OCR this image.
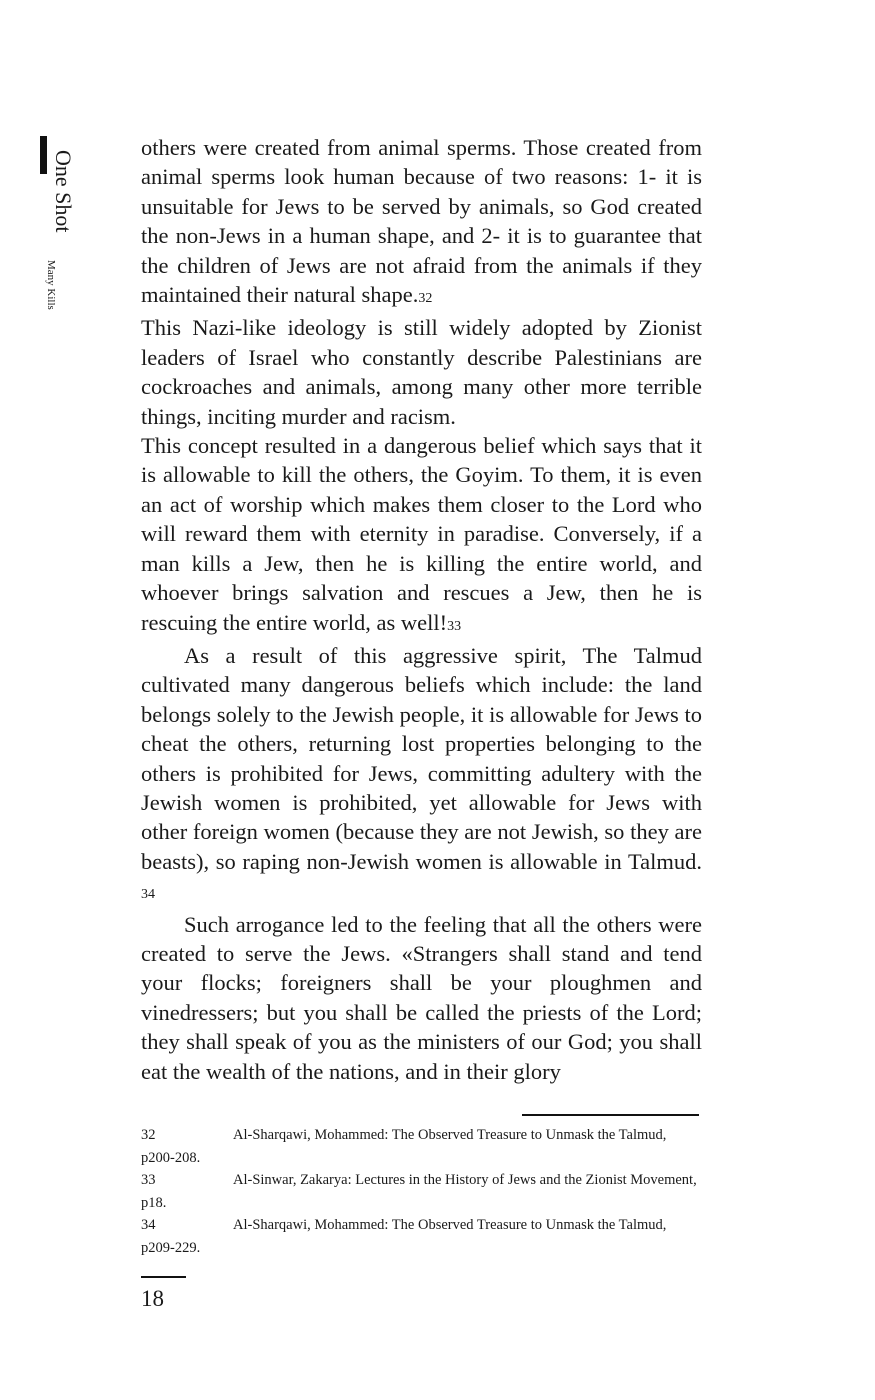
One Shot
Many Kills

others were created from animal sperms. Those created from animal sperms look human because of two reasons: 1- it is unsuitable for Jews to be served by animals, so God created the non-Jews in a human shape, and 2- it is to guarantee that the children of Jews are not afraid from the animals if they maintained their natural shape.32

This Nazi-like ideology is still widely adopted by Zionist leaders of Israel who constantly describe Palestinians are cockroaches and animals, among many other more terrible things, inciting murder and racism.

This concept resulted in a dangerous belief which says that it is allowable to kill the others, the Goyim. To them, it is even an act of worship which makes them closer to the Lord who will reward them with eternity in paradise. Conversely, if a man kills a Jew, then he is killing the entire world, and whoever brings salvation and rescues a Jew, then he is rescuing the entire world, as well!33

As a result of this aggressive spirit, The Talmud cultivated many dangerous beliefs which include: the land belongs solely to the Jewish people, it is allowable for Jews to cheat the others, returning lost properties belonging to the others is prohibited for Jews, committing adultery with the Jewish women is prohibited, yet allowable for Jews with other foreign women (because they are not Jewish, so they are beasts), so raping non-Jewish women is allowable in Talmud. 34

Such arrogance led to the feeling that all the others were created to serve the Jews. «Strangers shall stand and tend your flocks; foreigners shall be your ploughmen and vinedressers; but you shall be called the priests of the Lord; they shall speak of you as the ministers of our God; you shall eat the wealth of the nations, and in their glory

32	Al-Sharqawi, Mohammed: The Observed Treasure to Unmask the Talmud, p200-208.
33	Al-Sinwar, Zakarya: Lectures in the History of Jews and the Zionist Movement, p18.
34	Al-Sharqawi, Mohammed: The Observed Treasure to Unmask the Talmud, p209-229.
18
